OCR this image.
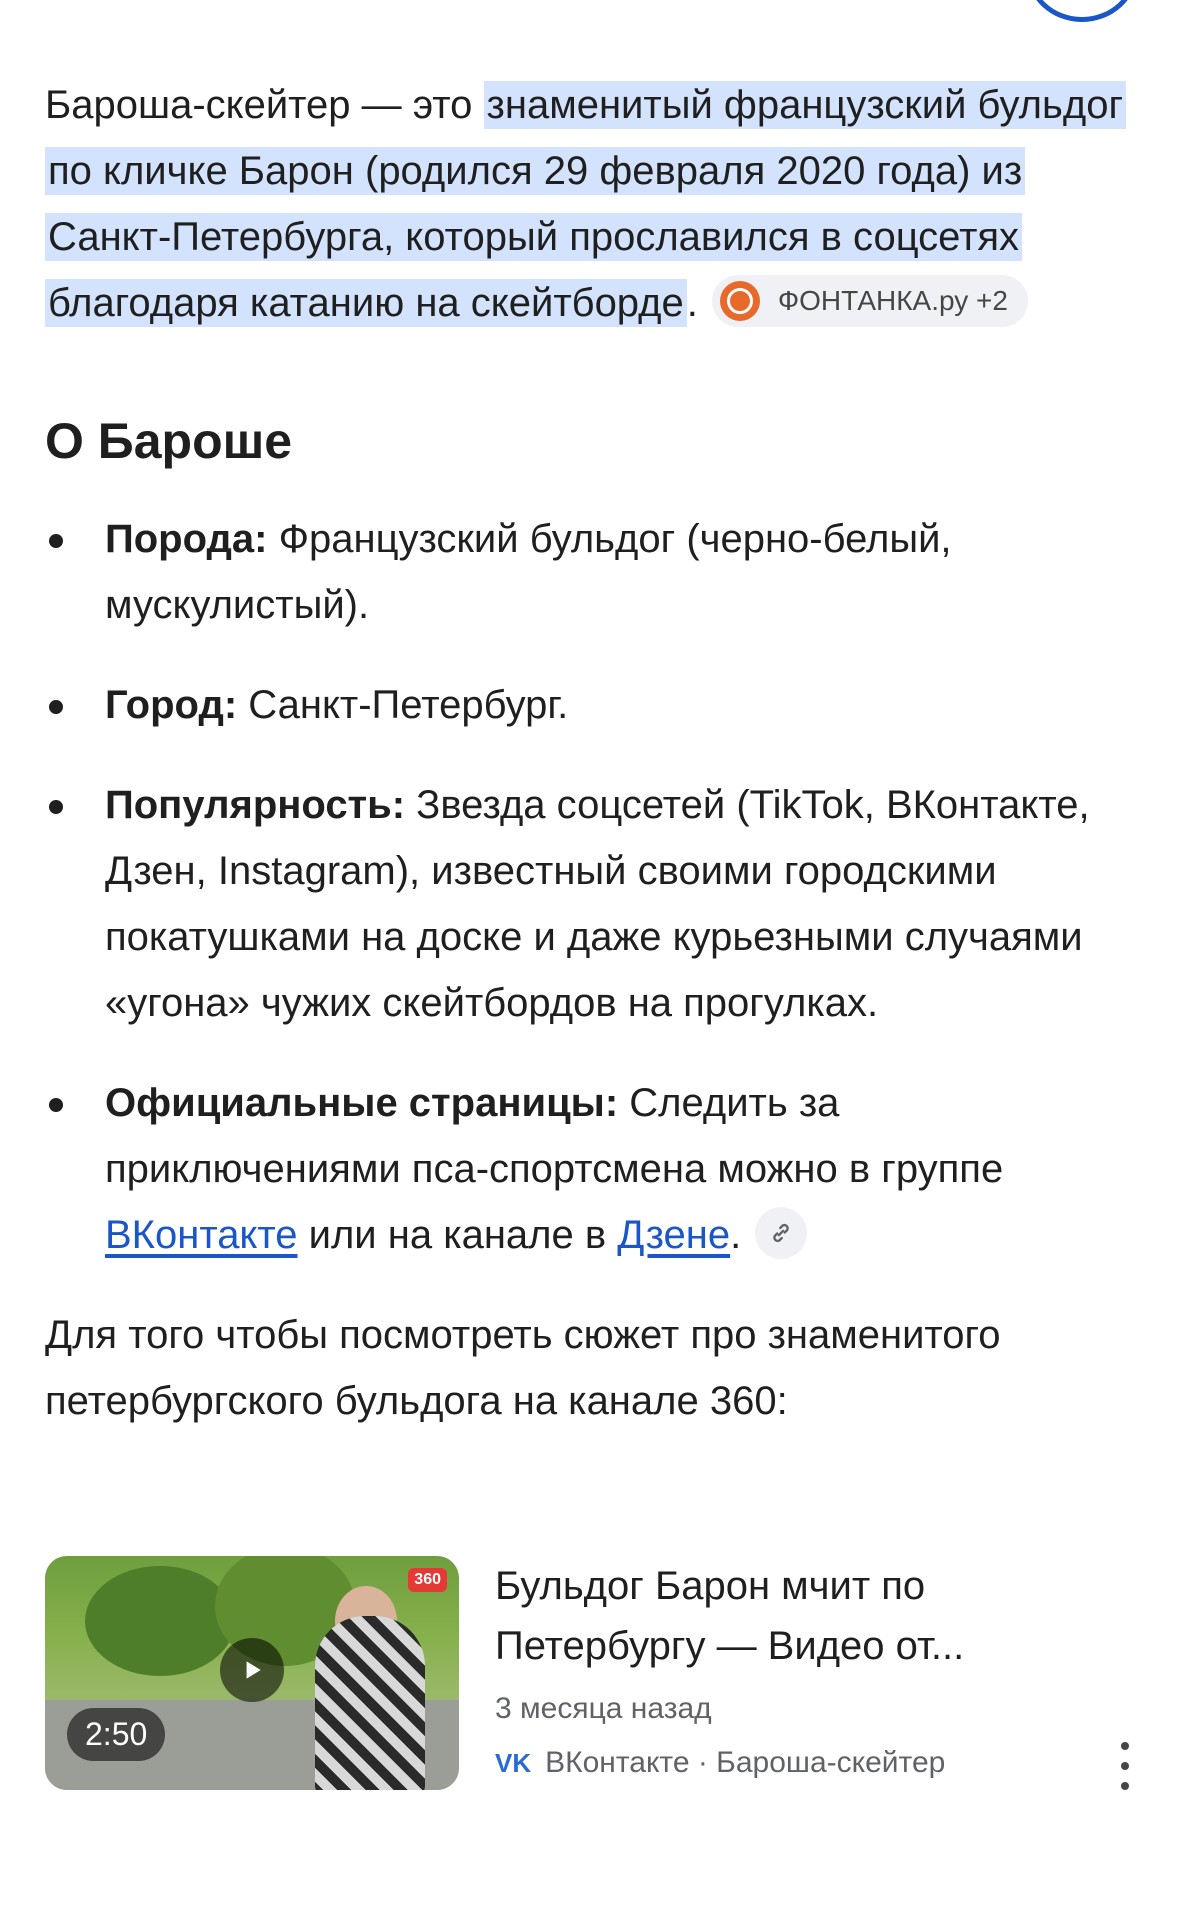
Бароша-скейтер — это знаменитый французский бульдог по кличке Барон (родился 29 февраля 2020 года) из Санкт-Петербурга, который прославился в соцсетях благодаря катанию на скейтборде.	ФОНТАНКА.ру +2

О Бароше
Порода: Французский бульдог (черно-белый, мускулистый).
Город: Санкт-Петербург.
Популярность: Звезда соцсетей (TikTok, ВКонтакте, Дзен, Instagram), известный своими городскими покатушками на доске и даже курьезными случаями «угона» чужих скейтбордов на прогулках.
Официальные страницы: Следить за приключениями пса-спортсмена можно в группе ВКонтакте или на канале в Дзене.

Для того чтобы посмотреть сюжет про знаменитого петербургского бульдога на канале 360:

360
2:50

Бульдог Барон мчит по Петербургу — Видео от...

3 месяца назад
VK ВКонтакте · Бароша-скейтер
